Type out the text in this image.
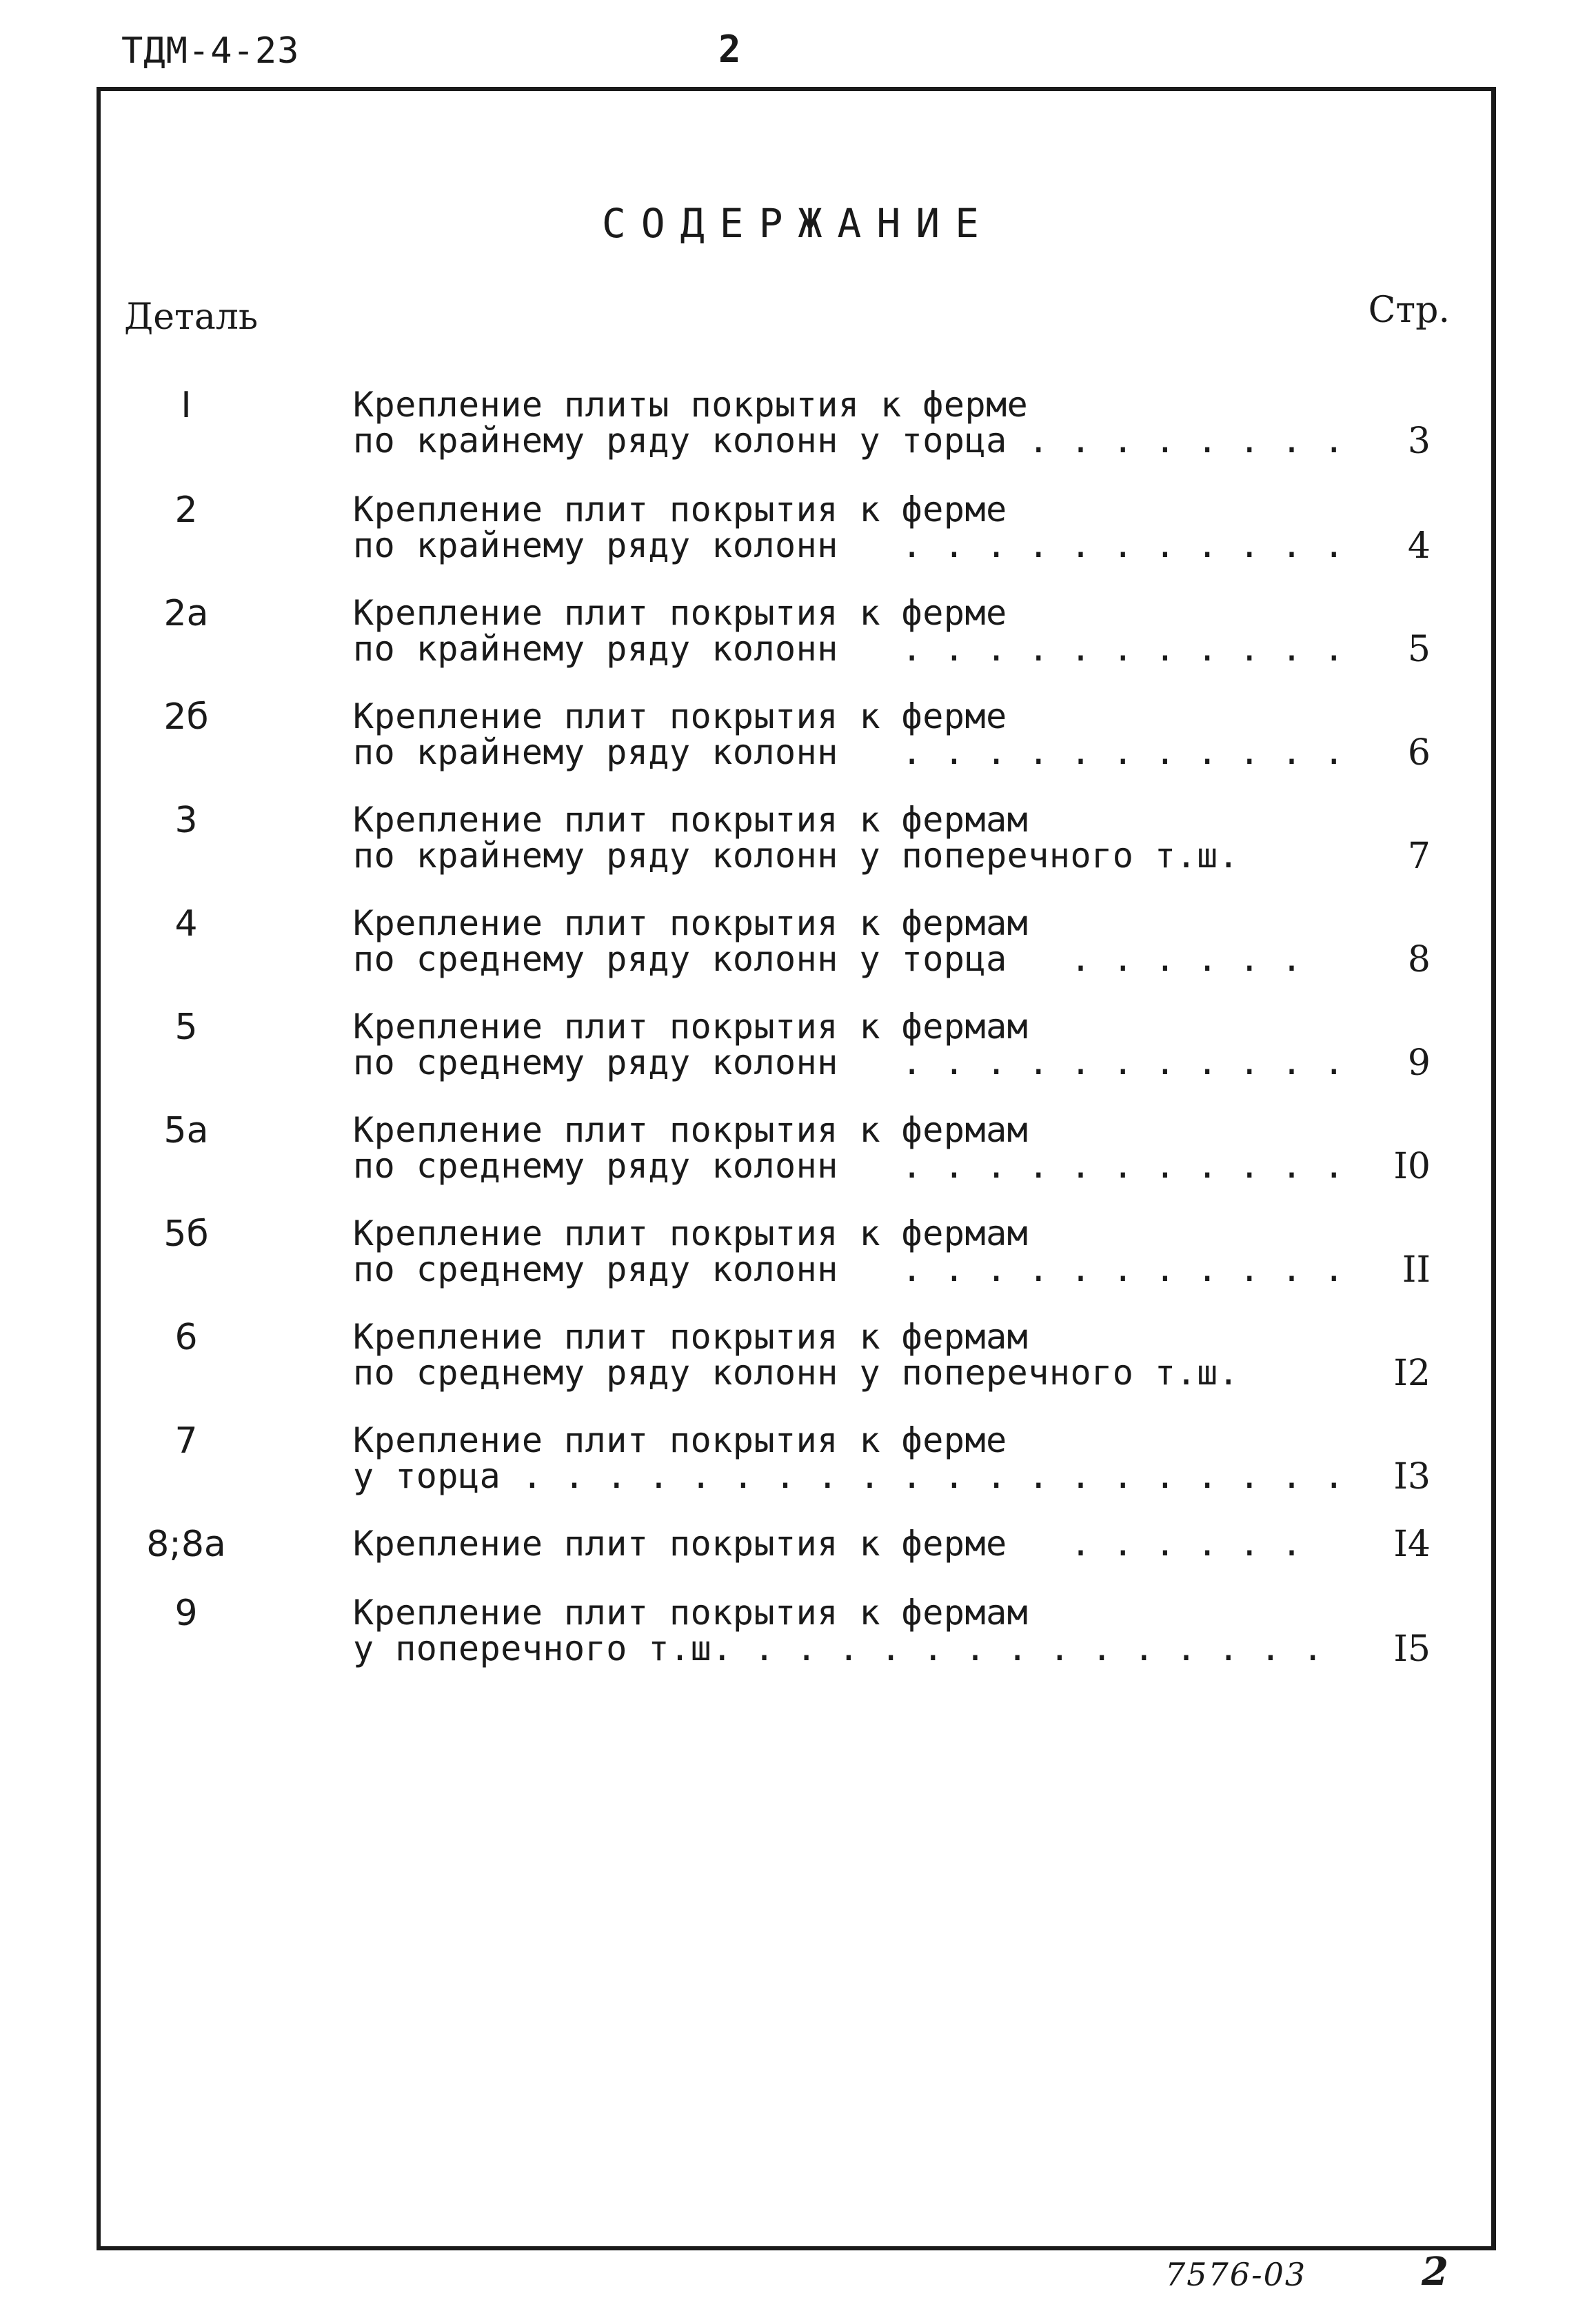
ТДМ-4-23	2
СОДЕРЖАНИЕ
Деталь	Стр.
I	Крепление плиты покрытия к ферме
по крайнему ряду колонн у торца . . . . . . . .	3
2	Крепление плит покрытия к ферме
по крайнему ряду колонн   . . . . . . . . . . .	4
2а	Крепление плит покрытия к ферме
по крайнему ряду колонн   . . . . . . . . . . .	5
2б	Крепление плит покрытия к ферме
по крайнему ряду колонн   . . . . . . . . . . .	6
3	Крепление плит покрытия к фермам
по крайнему ряду колонн у поперечного т.ш.	7
4	Крепление плит покрытия к фермам
по среднему ряду колонн у торца   . . . . . .	8
5	Крепление плит покрытия к фермам
по среднему ряду колонн   . . . . . . . . . . .	9
5а	Крепление плит покрытия к фермам
по среднему ряду колонн   . . . . . . . . . . .	I0
5б	Крепление плит покрытия к фермам
по среднему ряду колонн   . . . . . . . . . . .	II
6	Крепление плит покрытия к фермам
по среднему ряду колонн у поперечного т.ш.	I2
7	Крепление плит покрытия к ферме
у торца . . . . . . . . . . . . . . . . . . . .	I3
8;8а	Крепление плит покрытия к ферме   . . . . . .	I4
9	Крепление плит покрытия к фермам
у поперечного т.ш. . . . . . . . . . . . . . .	I5
7576-03	2
